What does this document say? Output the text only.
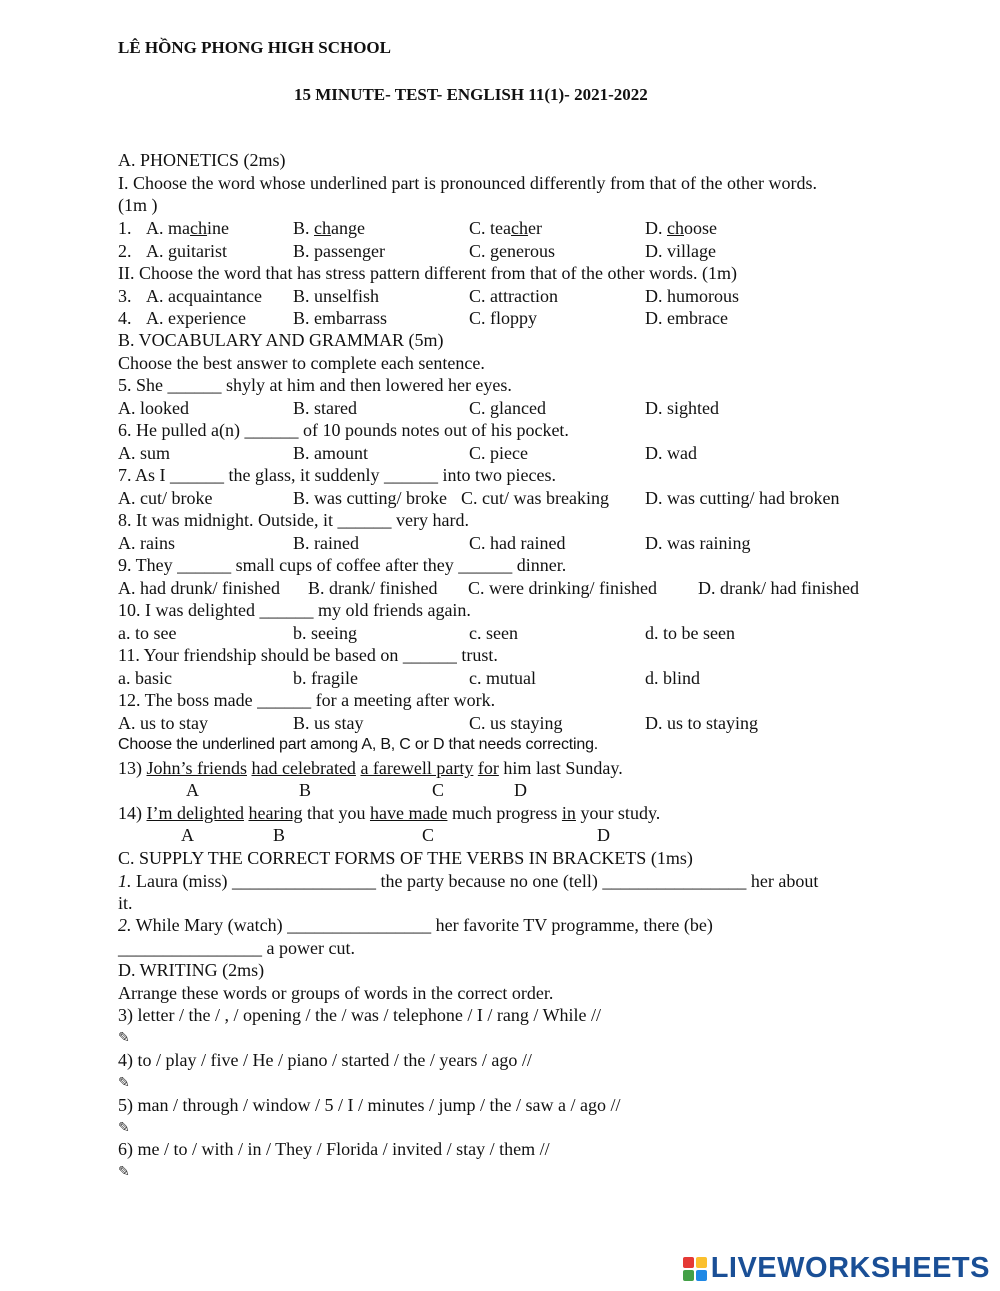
LÊ HỒNG PHONG HIGH SCHOOL
15 MINUTE- TEST- ENGLISH 11(1)- 2021-2022
A. PHONETICS (2ms)
I. Choose the word whose underlined part is pronounced differently from that of the other words.
(1m )
1. A. machine	B. change	C. teacher	D. choose
2. A. guitarist	B. passenger	C. generous	D. village
II. Choose the word that has stress pattern different from that of the other words. (1m)
3. A. acquaintance B. unselfish	C. attraction	D. humorous
4. A. experience	B. embarrass	C. floppy	D. embrace
B. VOCABULARY AND GRAMMAR (5m)
Choose the best answer to complete each sentence.
5. She ______ shyly at him and then lowered her eyes.
A. looked	B. stared	C. glanced	D. sighted
6. He pulled a(n) ______ of 10 pounds notes out of his pocket.
A. sum	B. amount	C. piece	D. wad
7. As I ______ the glass, it suddenly ______ into two pieces.
A. cut/ broke	B. was cutting/ broke C. cut/ was breaking D. was cutting/ had broken
8. It was midnight. Outside, it ______ very hard.
A. rains	B. rained	C. had rained	D. was raining
9. They ______ small cups of coffee after they ______ dinner.
A. had drunk/ finished B. drank/ finished C. were drinking/ finished D. drank/ had finished
10. I was delighted ______ my old friends again.
a. to see	b. seeing	c. seen	d. to be seen
11. Your friendship should be based on ______ trust.
a. basic	b. fragile	c. mutual	d. blind
12. The boss made ______ for a meeting after work.
A. us to stay	B. us stay	C. us staying	D. us to staying
Choose the underlined part among A, B, C or D that needs correcting.
13) John’s friends had celebrated a farewell party for him last Sunday.
A	B	C	D
14) I’m delighted hearing that you have made much progress in your study.
A	B	C	D
C. SUPPLY THE CORRECT FORMS OF THE VERBS IN BRACKETS (1ms)
1. Laura (miss) ________________ the party because no one (tell) ________________ her about
it.
2. While Mary (watch) ________________ her favorite TV programme, there (be)
________________ a power cut.
D. WRITING (2ms)
Arrange these words or groups of words in the correct order.
3) letter / the / , / opening / the / was / telephone / I / rang / While //
✎
4) to / play / five / He / piano / started / the / years / ago //
✎
5) man / through / window / 5 / I / minutes / jump / the / saw a / ago //
✎
6) me / to / with / in / They / Florida / invited / stay / them //
✎
LIVEWORKSHEETS
